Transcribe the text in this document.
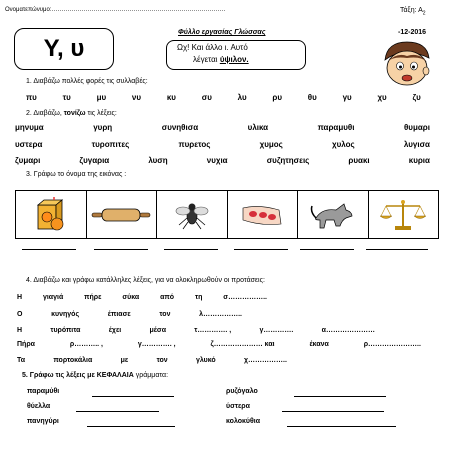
Ονοματεπώνυμο:……………………………………………………………………………	Τάξη: $A_2$
Φύλλο εργασίας Γλώσσας	-12-2016
Υ, υ	Ωχ! Και άλλο ι. Αυτό
λέγεται ύψιλον.
1. Διαβάζω πολλές φορές τις συλλαβές:
πυ	τυ	μυ	νυ	κυ	συ	λυ	ρυ	θυ	γυ	χυ	ζυ
2. Διαβάζω, τονίζω τις λέξεις:
μηνυμα	γυρη	συνηθισα	υλικα	παραμυθι	θυμαρι
υστερα	τυροπιτες	πυρετος	χυμος	χυλος	λυγισα
ζυμαρι	ζυγαρια	λυση	νυχια	συζητησεις	ρυακι	κυρια
3. Γράφω το όνομα της εικόνας :
4. Διαβάζω και γράφω κατάλληλες λέξεις, για να ολοκληρωθούν οι προτάσεις:
Η	γιαγιά	πήρε	σύκα	από	τη	σ……………..
Ο	κυνηγός	έπιασε	τον	λ……………..
Η	τυρόπιτα	έχει	μέσα	τ…………. ,	γ………….	α…………………
Πήρα	ρ……….. ,	γ…………. ,	ζ………………… και	έκανα	ρ…………………..
Τα	πορτοκάλια	με	τον	γλυκό	χ……………..
5. Γράφω τις λέξεις με ΚΕΦΑΛΑΙΑ γράμματα:
παραμύθι	ρυζόγαλο
θύελλα	ύστερα
πανηγύρι	κολοκύθια
